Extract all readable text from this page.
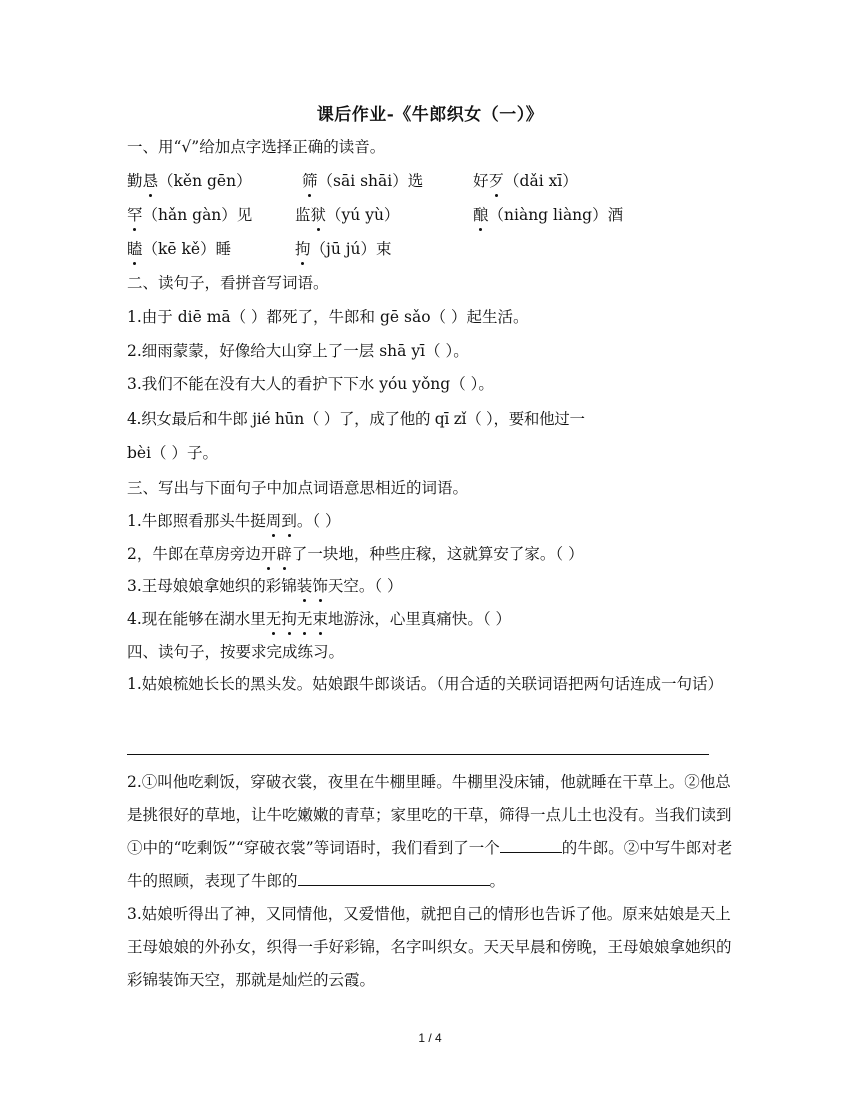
课后作业-《牛郎织女（一）》
一、用“√”给加点字选择正确的读音。
勤恳（kěn gēn）	筛（sāi shāi）选	好歹（dǎi xī）
罕（hǎn gàn）见	监狱（yú yù）	酿（niàng liàng）酒
瞌（kē kě）睡	拘（jū jú）束
二、读句子，看拼音写词语。
1.由于 diē mā（ ）都死了，牛郎和 gē sǎo（ ）起生活。
2.细雨蒙蒙，好像给大山穿上了一层 shā yī（ ）。
3.我们不能在没有大人的看护下下水 yóu yǒng（ ）。
4.织女最后和牛郎 jié hūn（ ）了，成了他的 qī zǐ（ ），要和他过一
bèi（ ）子。
三、写出与下面句子中加点词语意思相近的词语。
1.牛郎照看那头牛挺周到。（ ）
2，牛郎在草房旁边开辟了一块地，种些庄稼，这就算安了家。（ ）
3.王母娘娘拿她织的彩锦装饰天空。（ ）
4.现在能够在湖水里无拘无束地游泳，心里真痛快。（ ）
四、读句子，按要求完成练习。
1.姑娘梳她长长的黑头发。姑娘跟牛郎谈话。（用合适的关联词语把两句话连成一句话）
2.①叫他吃剩饭，穿破衣裳，夜里在牛棚里睡。牛棚里没床铺，他就睡在干草上。②他总是挑很好的草地，让牛吃嫩嫩的青草；家里吃的干草，筛得一点儿土也没有。当我们读到①中的“吃剩饭”“穿破衣裳”等词语时，我们看到了一个	的牛郎。②中写牛郎对老牛的照顾，表现了牛郎的	。
3.姑娘听得出了神，又同情他，又爱惜他，就把自己的情形也告诉了他。原来姑娘是天上王母娘娘的外孙女，织得一手好彩锦，名字叫织女。天天早晨和傍晚，王母娘娘拿她织的彩锦装饰天空，那就是灿烂的云霞。
1 / 4
